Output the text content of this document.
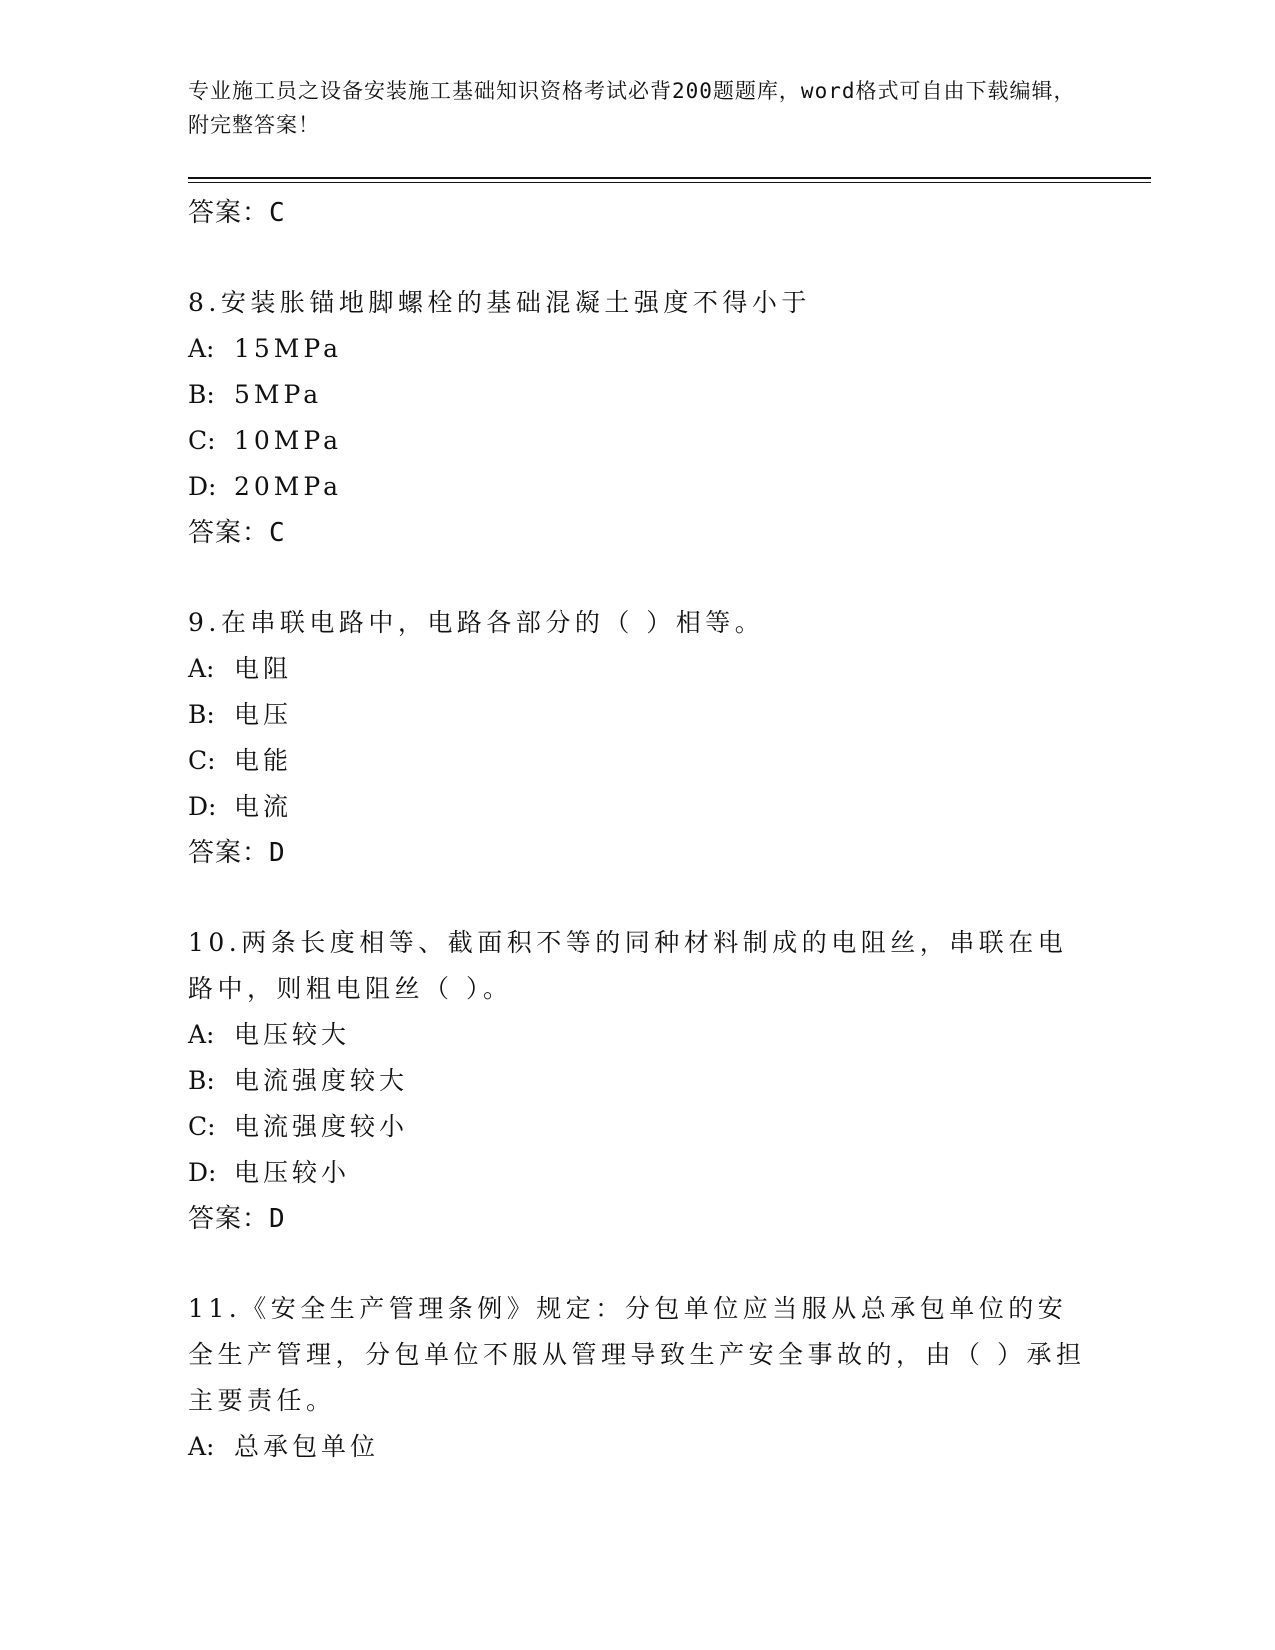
专业施工员之设备安装施工基础知识资格考试必背200题题库，word格式可自由下载编辑，附完整答案！
答案：C
8.安装胀锚地脚螺栓的基础混凝土强度不得小于
A: 15MPa
B: 5MPa
C: 10MPa
D: 20MPa
答案：C
9.在串联电路中，电路各部分的（ ）相等。
A: 电阻
B: 电压
C: 电能
D: 电流
答案：D
10.两条长度相等、截面积不等的同种材料制成的电阻丝，串联在电路中，则粗电阻丝（ ）。
A: 电压较大
B: 电流强度较大
C: 电流强度较小
D: 电压较小
答案：D
11.《安全生产管理条例》规定：分包单位应当服从总承包单位的安全生产管理，分包单位不服从管理导致生产安全事故的，由（ ）承担主要责任。
A: 总承包单位
